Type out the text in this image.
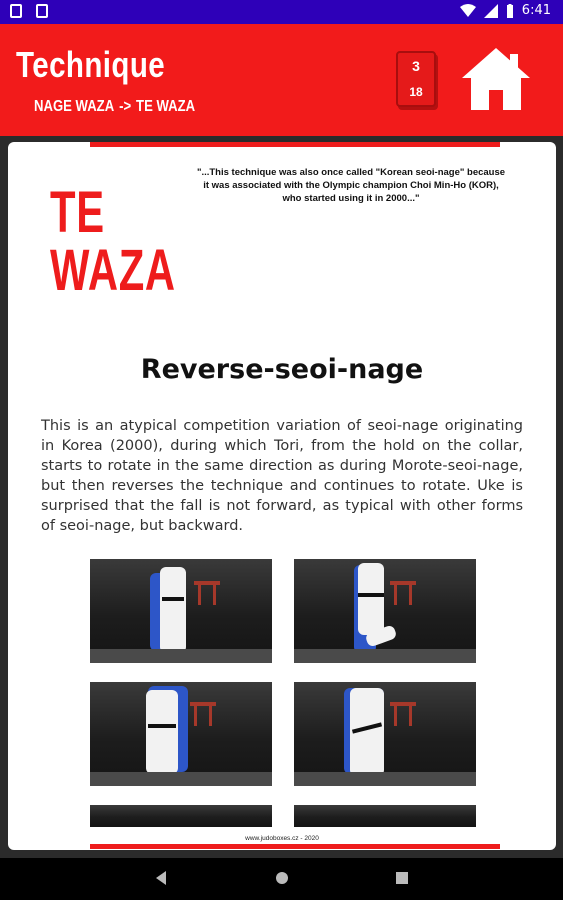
6:41
Technique
NAGE WAZA -> TE WAZA
3
18
"...This technique was also once called "Korean seoi-nage" because it was associated with the Olympic champion Choi Min-Ho (KOR), who started using it in 2000..."
TE
WAZA
Reverse-seoi-nage
This is an atypical competition variation of seoi-nage originating in Korea (2000), during which Tori, from the hold on the collar, starts to rotate in the same direction as during Morote-seoi-nage, but then reverses the technique and continues to rotate. Uke is surprised that the fall is not forward, as typical with other forms of seoi-nage, but backward.
www.judoboxes.cz - 2020
